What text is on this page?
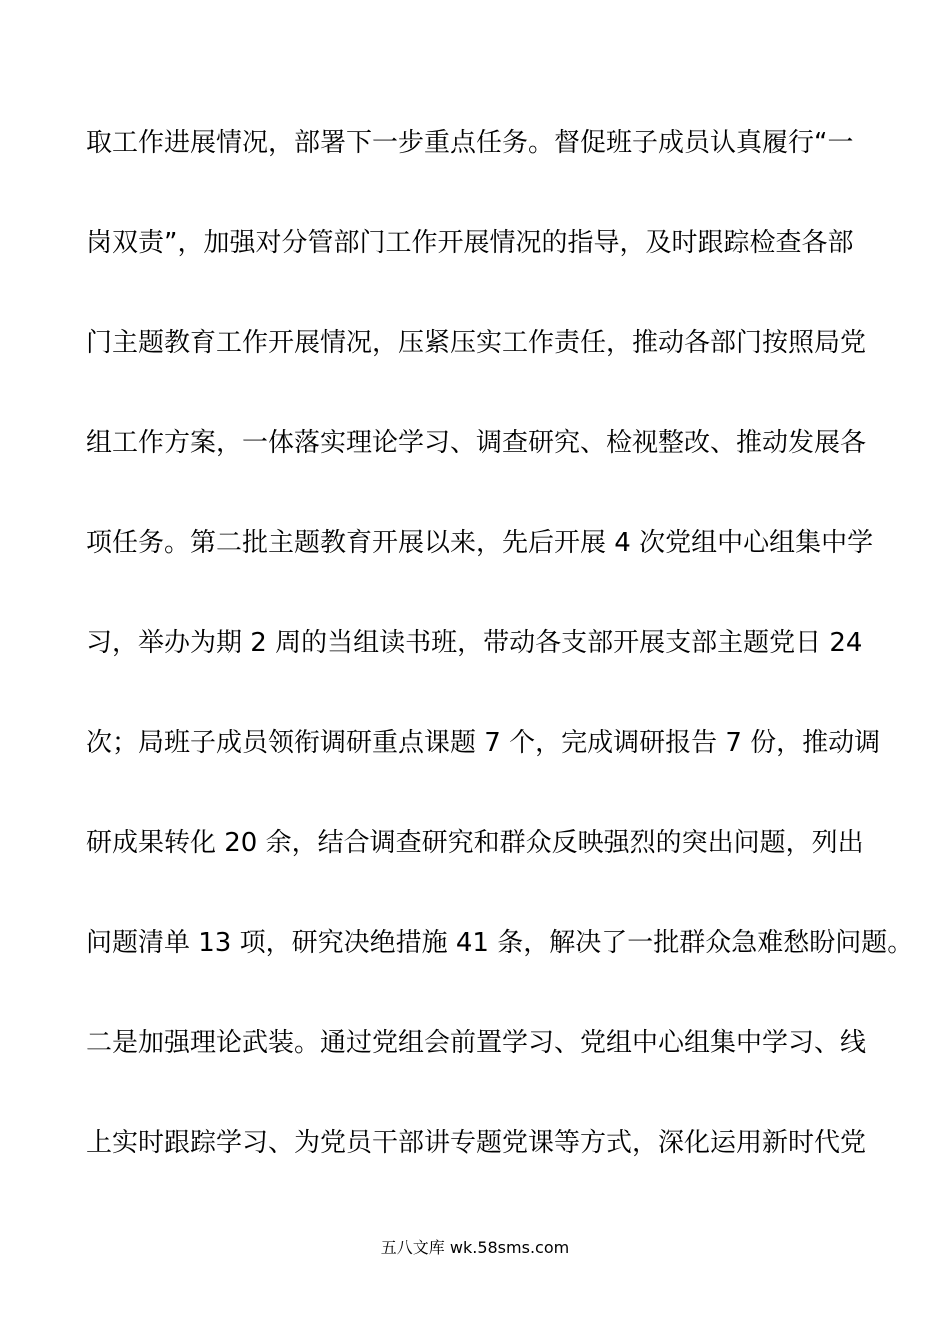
取工作进展情况，部署下一步重点任务。督促班子成员认真履行“一
岗双责”，加强对分管部门工作开展情况的指导，及时跟踪检查各部
门主题教育工作开展情况，压紧压实工作责任，推动各部门按照局党
组工作方案，一体落实理论学习、调查研究、检视整改、推动发展各
项任务。第二批主题教育开展以来，先后开展 4 次党组中心组集中学
习，举办为期 2 周的当组读书班，带动各支部开展支部主题党日 24
次；局班子成员领衔调研重点课题 7 个，完成调研报告 7 份，推动调
研成果转化 20 余，结合调查研究和群众反映强烈的突出问题，列出
问题清单 13 项，研究决绝措施 41 条，解决了一批群众急难愁盼问题。
二是加强理论武装。通过党组会前置学习、党组中心组集中学习、线
上实时跟踪学习、为党员干部讲专题党课等方式，深化运用新时代党
五八文库 wk.58sms.com
